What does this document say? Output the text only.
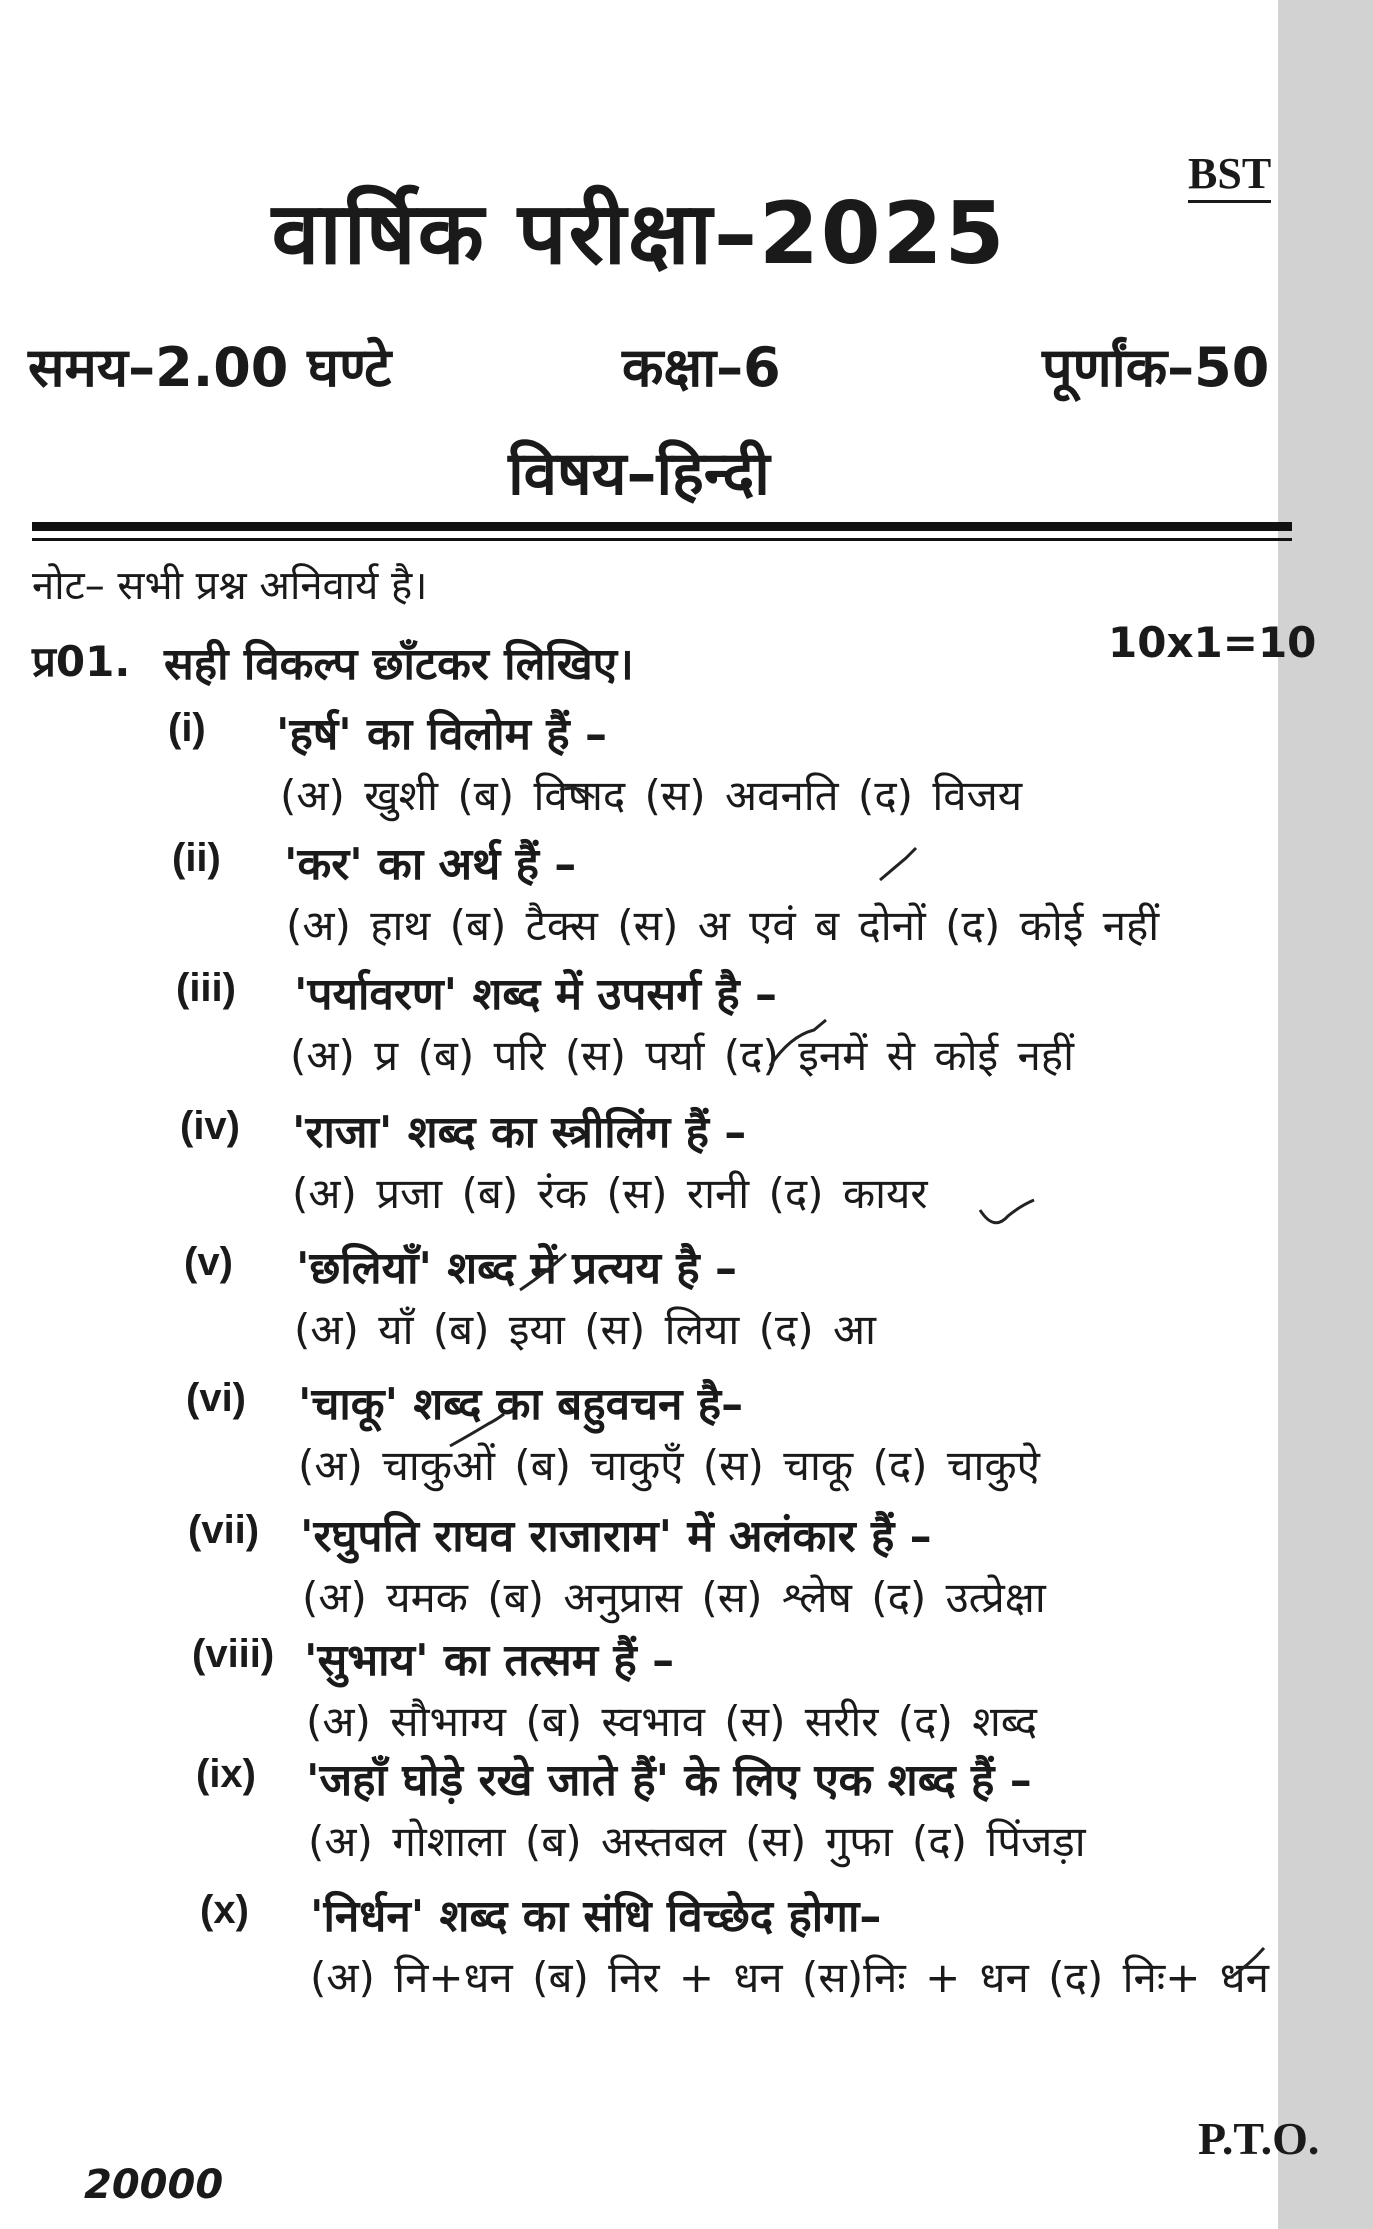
BST
वार्षिक परीक्षा–2025
समय–2.00 घण्टे	कक्षा–6	पूर्णांक–50
विषय–हिन्दी
नोट– सभी प्रश्न अनिवार्य है।
प्र01. सही विकल्प छाँटकर लिखिए।	10x1=10
(i) 'हर्ष' का विलोम हैं –
(अ) खुशी (ब) विषाद (स) अवनति (द) विजय
(ii) 'कर' का अर्थ हैं –
(अ) हाथ (ब) टैक्स (स) अ एवं ब दोनों (द) कोई नहीं
(iii) 'पर्यावरण' शब्द में उपसर्ग है –
(अ) प्र (ब) परि (स) पर्या (द) इनमें से कोई नहीं
(iv) 'राजा' शब्द का स्त्रीलिंग हैं –
(अ) प्रजा (ब) रंक (स) रानी (द) कायर
(v) 'छलियाँ' शब्द में प्रत्यय है –
(अ) याँ (ब) इया (स) लिया (द) आ
(vi) 'चाकू' शब्द का बहुवचन है–
(अ) चाकुओं (ब) चाकुएँ (स) चाकू (द) चाकुऐ
(vii) 'रघुपति राघव राजाराम' में अलंकार हैं –
(अ) यमक (ब) अनुप्रास (स) श्लेष (द) उत्प्रेक्षा
(viii) 'सुभाय' का तत्सम हैं –
(अ) सौभाग्य (ब) स्वभाव (स) सरीर (द) शब्द
(ix) 'जहाँ घोड़े रखे जाते हैं' के लिए एक शब्द हैं –
(अ) गोशाला (ब) अस्तबल (स) गुफा (द) पिंजड़ा
(x) 'निर्धन' शब्द का संधि विच्छेद होगा–
(अ) नि+धन (ब) निर + धन (स)निः + धन (द) निः+ धन
P.T.O.
20000
